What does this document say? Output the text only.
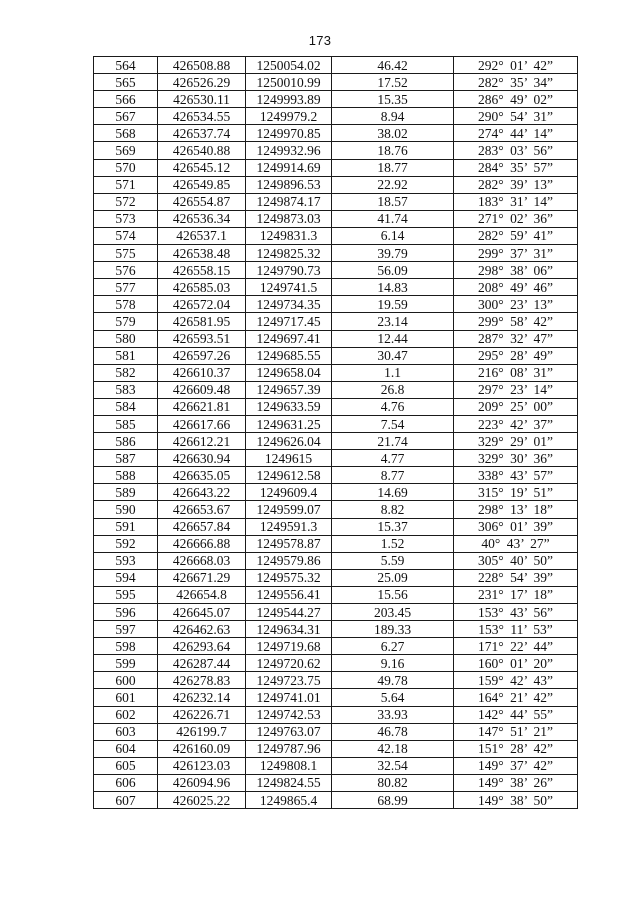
173
564	426508.88	1250054.02	46.42	292° 01’ 42”
565	426526.29	1250010.99	17.52	282° 35’ 34”
566	426530.11	1249993.89	15.35	286° 49’ 02”
567	426534.55	1249979.2	8.94	290° 54’ 31”
568	426537.74	1249970.85	38.02	274° 44’ 14”
569	426540.88	1249932.96	18.76	283° 03’ 56”
570	426545.12	1249914.69	18.77	284° 35’ 57”
571	426549.85	1249896.53	22.92	282° 39’ 13”
572	426554.87	1249874.17	18.57	183° 31’ 14”
573	426536.34	1249873.03	41.74	271° 02’ 36”
574	426537.1	1249831.3	6.14	282° 59’ 41”
575	426538.48	1249825.32	39.79	299° 37’ 31”
576	426558.15	1249790.73	56.09	298° 38’ 06”
577	426585.03	1249741.5	14.83	208° 49’ 46”
578	426572.04	1249734.35	19.59	300° 23’ 13”
579	426581.95	1249717.45	23.14	299° 58’ 42”
580	426593.51	1249697.41	12.44	287° 32’ 47”
581	426597.26	1249685.55	30.47	295° 28’ 49”
582	426610.37	1249658.04	1.1	216° 08’ 31”
583	426609.48	1249657.39	26.8	297° 23’ 14”
584	426621.81	1249633.59	4.76	209° 25’ 00”
585	426617.66	1249631.25	7.54	223° 42’ 37”
586	426612.21	1249626.04	21.74	329° 29’ 01”
587	426630.94	1249615	4.77	329° 30’ 36”
588	426635.05	1249612.58	8.77	338° 43’ 57”
589	426643.22	1249609.4	14.69	315° 19’ 51”
590	426653.67	1249599.07	8.82	298° 13’ 18”
591	426657.84	1249591.3	15.37	306° 01’ 39”
592	426666.88	1249578.87	1.52	40° 43’ 27”
593	426668.03	1249579.86	5.59	305° 40’ 50”
594	426671.29	1249575.32	25.09	228° 54’ 39”
595	426654.8	1249556.41	15.56	231° 17’ 18”
596	426645.07	1249544.27	203.45	153° 43’ 56”
597	426462.63	1249634.31	189.33	153° 11’ 53”
598	426293.64	1249719.68	6.27	171° 22’ 44”
599	426287.44	1249720.62	9.16	160° 01’ 20”
600	426278.83	1249723.75	49.78	159° 42’ 43”
601	426232.14	1249741.01	5.64	164° 21’ 42”
602	426226.71	1249742.53	33.93	142° 44’ 55”
603	426199.7	1249763.07	46.78	147° 51’ 21”
604	426160.09	1249787.96	42.18	151° 28’ 42”
605	426123.03	1249808.1	32.54	149° 37’ 42”
606	426094.96	1249824.55	80.82	149° 38’ 26”
607	426025.22	1249865.4	68.99	149° 38’ 50”
